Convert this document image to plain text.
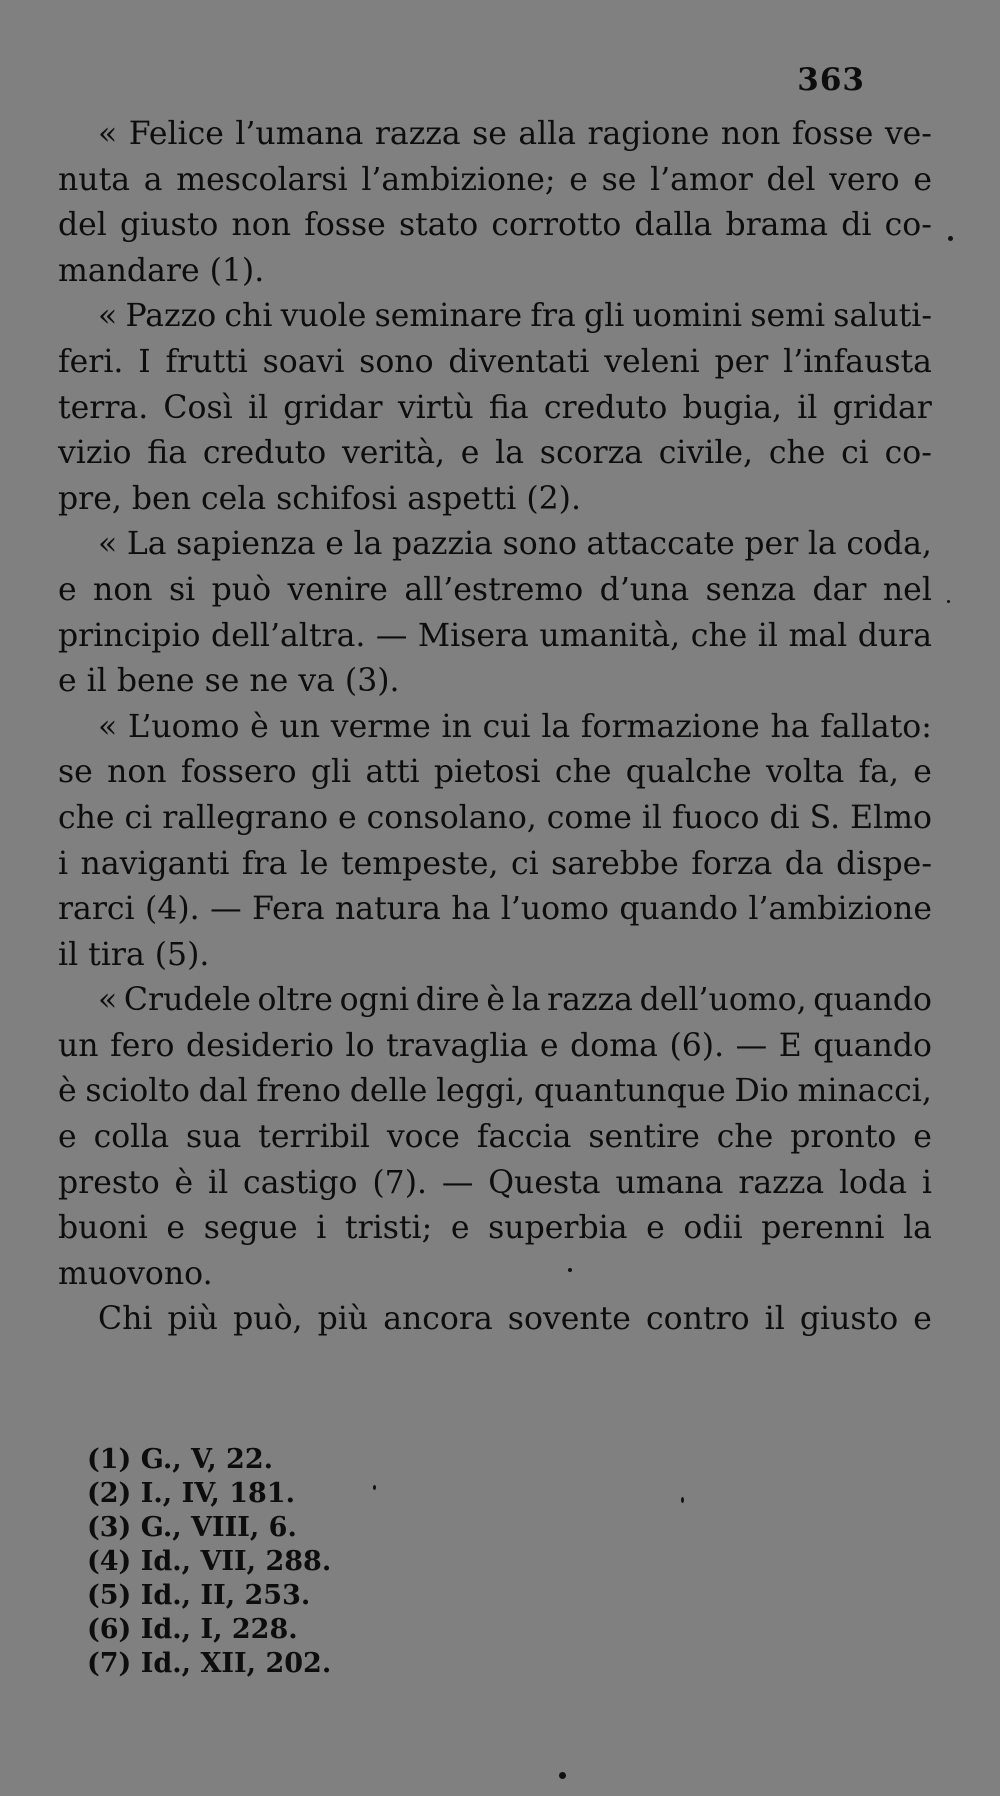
363
« Felice l’umana razza se alla ragione non fosse ve-
nuta a mescolarsi l’ambizione; e se l’amor del vero e
del giusto non fosse stato corrotto dalla brama di co-
mandare (1).
« Pazzo chi vuole seminare fra gli uomini semi saluti-
feri. I frutti soavi sono diventati veleni per l’infausta
terra. Così il gridar virtù fia creduto bugia, il gridar
vizio fia creduto verità, e la scorza civile, che ci co-
pre, ben cela schifosi aspetti (2).
« La sapienza e la pazzia sono attaccate per la coda,
e non si può venire all’estremo d’una senza dar nel
principio dell’altra. — Misera umanità, che il mal dura
e il bene se ne va (3).
« L’uomo è un verme in cui la formazione ha fallato:
se non fossero gli atti pietosi che qualche volta fa, e
che ci rallegrano e consolano, come il fuoco di S. Elmo
i naviganti fra le tempeste, ci sarebbe forza da dispe-
rarci (4). — Fera natura ha l’uomo quando l’ambizione
il tira (5).
« Crudele oltre ogni dire è la razza dell’uomo, quando
un fero desiderio lo travaglia e doma (6). — E quando
è sciolto dal freno delle leggi, quantunque Dio minacci,
e colla sua terribil voce faccia sentire che pronto e
presto è il castigo (7). — Questa umana razza loda i
buoni e segue i tristi; e superbia e odii perenni la
muovono.
Chi più può, più ancora sovente contro il giusto e
(1) G., V, 22.
(2) I., IV, 181.
(3) G., VIII, 6.
(4) Id., VII, 288.
(5) Id., II, 253.
(6) Id., I, 228.
(7) Id., XII, 202.
